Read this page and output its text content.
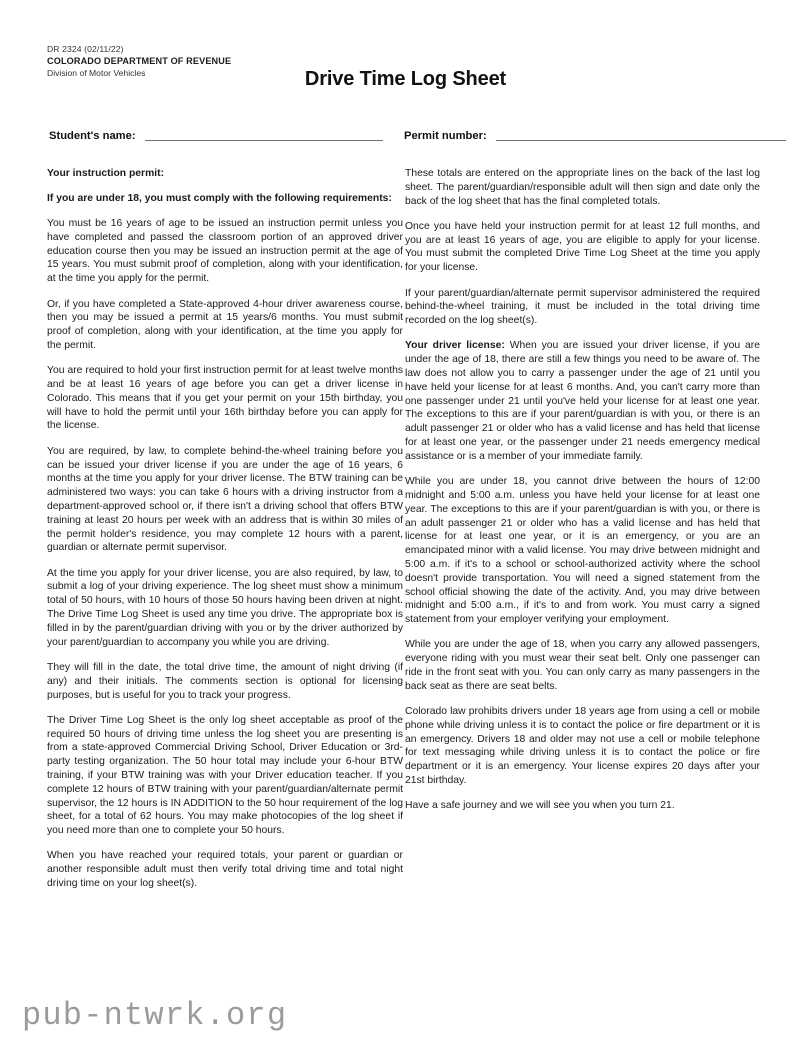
DR 2324 (02/11/22)
COLORADO DEPARTMENT OF REVENUE
Division of Motor Vehicles	Drive Time Log Sheet
Student's name:	Permit number:

Your instruction permit:

If you are under 18, you must comply with the following requirements:

You must be 16 years of age to be issued an instruction permit unless you have completed and passed the classroom portion of an approved driver education course then you may be issued an instruction permit at the age of 15 years. You must submit proof of completion, along with your identification, at the time you apply for the permit.

Or, if you have completed a State-approved 4-hour driver awareness course, then you may be issued a permit at 15 years/6 months. You must submit proof of completion, along with your identification, at the time you apply for the permit.

You are required to hold your first instruction permit for at least twelve months and be at least 16 years of age before you can get a driver license in Colorado. This means that if you get your permit on your 15th birthday, you will have to hold the permit until your 16th birthday before you can apply for the license.

You are required, by law, to complete behind-the-wheel training before you can be issued your driver license if you are under the age of 16 years, 6 months at the time you apply for your driver license. The BTW training can be administered two ways: you can take 6 hours with a driving instructor from a department-approved school or, if there isn't a driving school that offers BTW training at least 20 hours per week with an address that is within 30 miles of the permit holder's residence, you may complete 12 hours with a parent, guardian or alternate permit supervisor.

At the time you apply for your driver license, you are also required, by law, to submit a log of your driving experience. The log sheet must show a minimum total of 50 hours, with 10 hours of those 50 hours having been driven at night. The Drive Time Log Sheet is used any time you drive. The appropriate box is filled in by the parent/guardian driving with you or by the driver authorized by your parent/guardian to accompany you while you are driving.

They will fill in the date, the total drive time, the amount of night driving (if any) and their initials. The comments section is optional for licensing purposes, but is useful for you to track your progress.

The Driver Time Log Sheet is the only log sheet acceptable as proof of the required 50 hours of driving time unless the log sheet you are presenting is from a state-approved Commercial Driving School, Driver Education or 3rd-party testing organization. The 50 hour total may include your 6-hour BTW training, if your BTW training was with your Driver education teacher. If you complete 12 hours of BTW training with your parent/guardian/alternate permit supervisor, the 12 hours is IN ADDITION to the 50 hour requirement of the log sheet, for a total of 62 hours. You may make photocopies of the log sheet if you need more than one to complete your 50 hours.

When you have reached your required totals, your parent or guardian or another responsible adult must then verify total driving time and total night driving time on your log sheet(s).

These totals are entered on the appropriate lines on the back of the last log sheet. The parent/guardian/responsible adult will then sign and date only the back of the log sheet that has the final completed totals.

Once you have held your instruction permit for at least 12 full months, and you are at least 16 years of age, you are eligible to apply for your license. You must submit the completed Drive Time Log Sheet at the time you apply for your license.

If your parent/guardian/alternate permit supervisor administered the required behind-the-wheel training, it must be included in the total driving time recorded on the log sheet(s).

Your driver license: When you are issued your driver license, if you are under the age of 18, there are still a few things you need to be aware of. The law does not allow you to carry a passenger under the age of 21 until you have held your license for at least 6 months. And, you can't carry more than one passenger under 21 until you've held your license for at least one year. The exceptions to this are if your parent/guardian is with you, or there is an adult passenger 21 or older who has a valid license and has held that license for at least one year, or the passenger under 21 needs emergency medical assistance or is a member of your immediate family.

While you are under 18, you cannot drive between the hours of 12:00 midnight and 5:00 a.m. unless you have held your license for at least one year. The exceptions to this are if your parent/guardian is with you, or there is an adult passenger 21 or older who has a valid license and has held that license for at least one year, or it is an emergency, or you are an emancipated minor with a valid license. You may drive between midnight and 5:00 a.m. if it's to a school or school-authorized activity where the school doesn't provide transportation. You will need a signed statement from the school official showing the date of the activity. And, you may drive between midnight and 5:00 a.m., if it's to and from work. You must carry a signed statement from your employer verifying your employment.

While you are under the age of 18, when you carry any allowed passengers, everyone riding with you must wear their seat belt. Only one passenger can ride in the front seat with you. You can only carry as many passengers in the back seat as there are seat belts.

Colorado law prohibits drivers under 18 years age from using a cell or mobile phone while driving unless it is to contact the police or fire department or it is an emergency. Drivers 18 and older may not use a cell or mobile telephone for text messaging while driving unless it is to contact the police or fire department or it is an emergency. Your license expires 20 days after your 21st birthday.

Have a safe journey and we will see you when you turn 21.

pub-ntwrk.org
